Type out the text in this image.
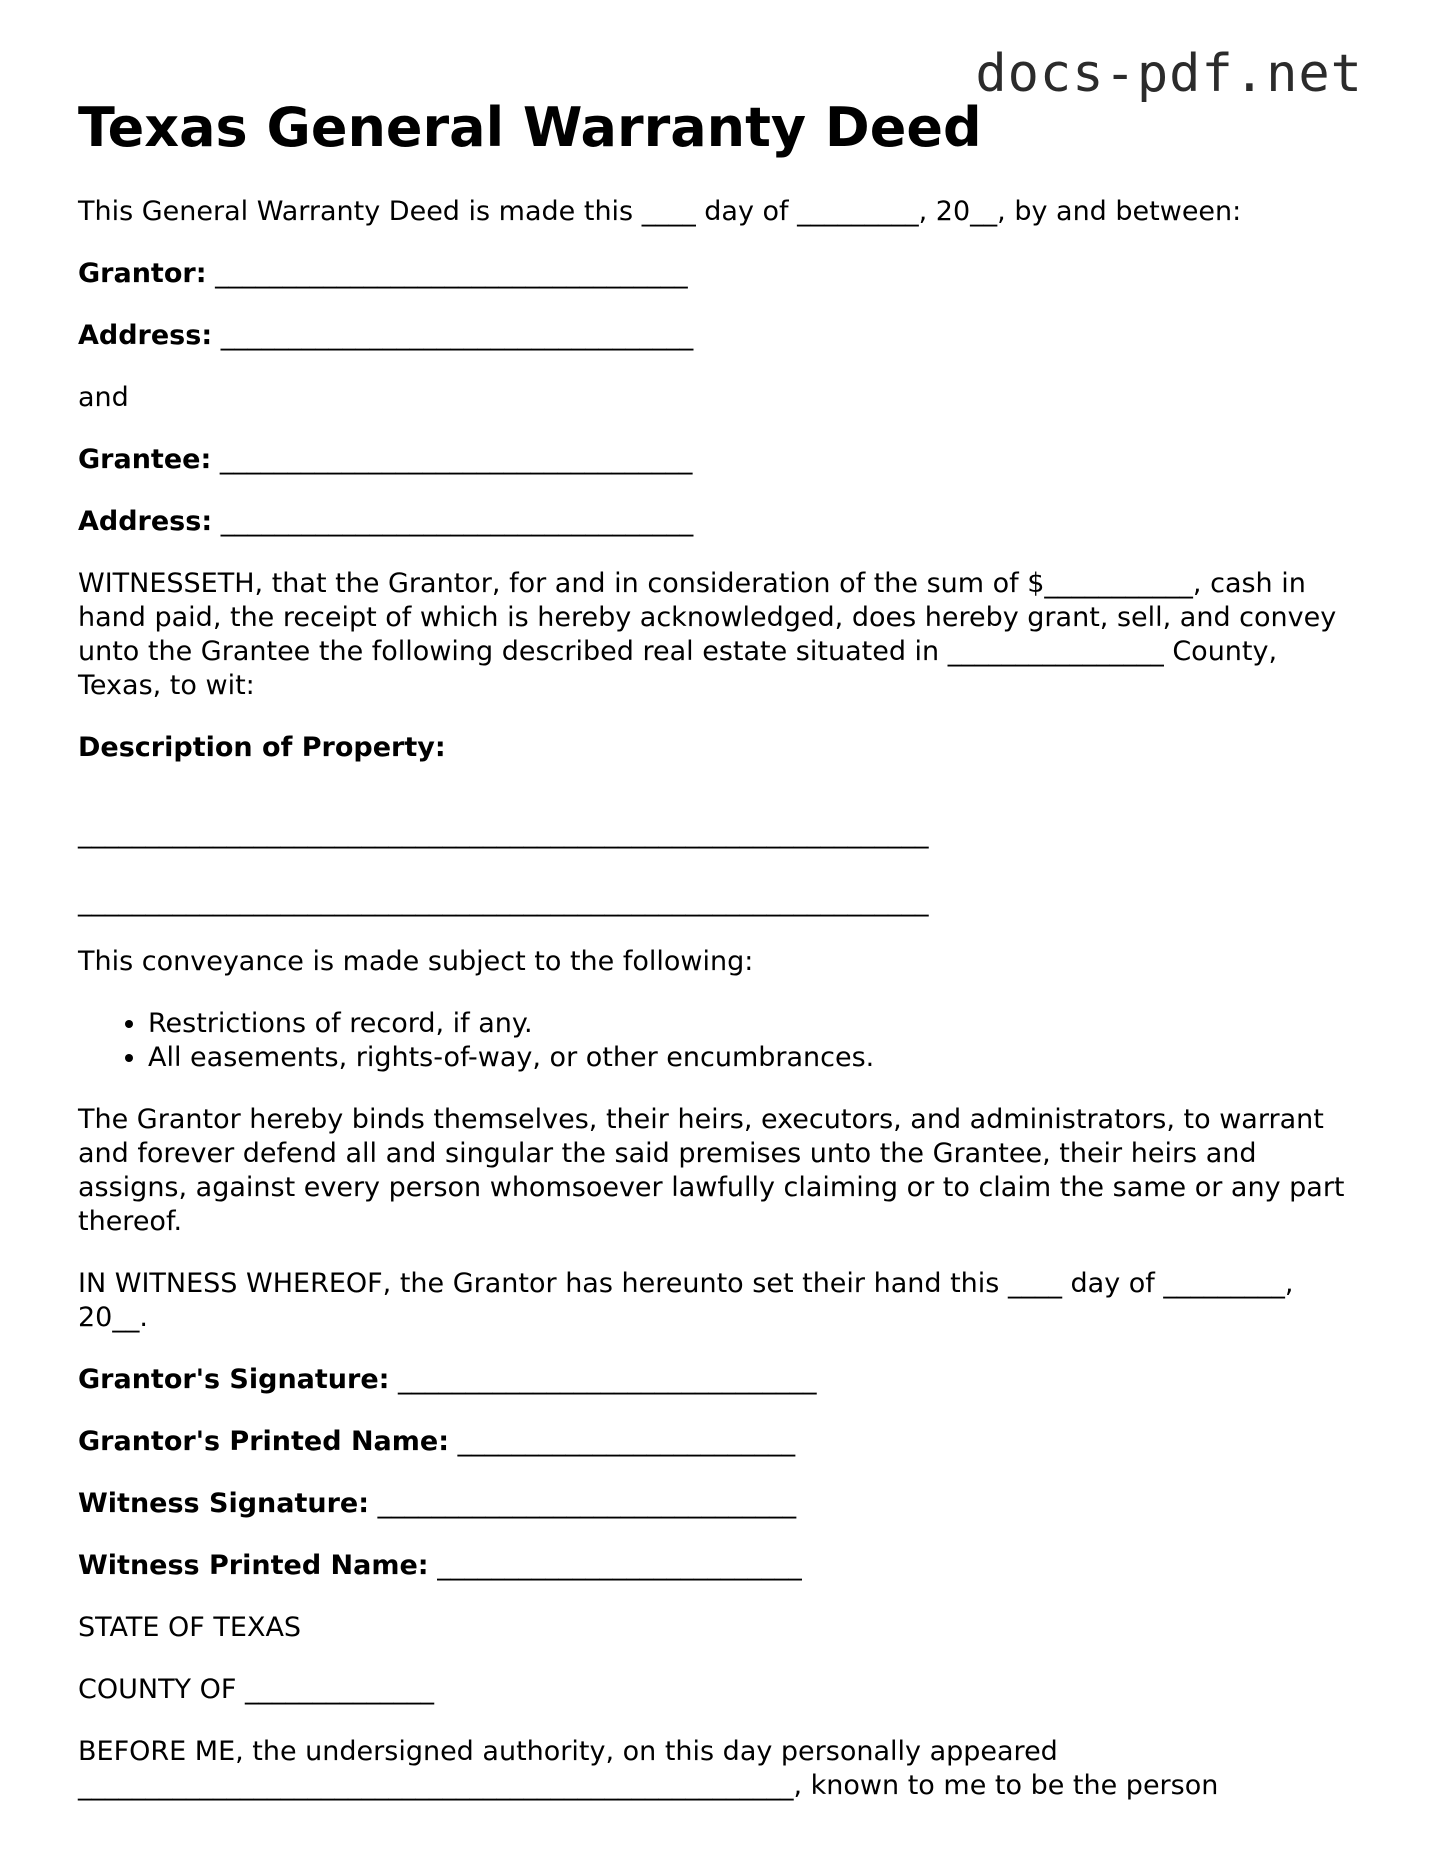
docs-pdf.net
Texas General Warranty Deed

This General Warranty Deed is made this ____ day of _________, 20__, by and between:

Grantor: ___________________________________

Address: ___________________________________

and

Grantee: ___________________________________

Address: ___________________________________

WITNESSETH, that the Grantor, for and in consideration of the sum of $___________, cash in hand paid, the receipt of which is hereby acknowledged, does hereby grant, sell, and convey unto the Grantee the following described real estate situated in ________________ County, Texas, to wit:

Description of Property:

_______________________________________________________________

_______________________________________________________________

This conveyance is made subject to the following:

• Restrictions of record, if any.
• All easements, rights-of-way, or other encumbrances.

The Grantor hereby binds themselves, their heirs, executors, and administrators, to warrant and forever defend all and singular the said premises unto the Grantee, their heirs and assigns, against every person whomsoever lawfully claiming or to claim the same or any part thereof.

IN WITNESS WHEREOF, the Grantor has hereunto set their hand this ____ day of _________, 20__.

Grantor's Signature: _______________________________

Grantor's Printed Name: _________________________

Witness Signature: _______________________________

Witness Printed Name: ___________________________

STATE OF TEXAS

COUNTY OF ______________

BEFORE ME, the undersigned authority, on this day personally appeared _____________________________________________________, known to me to be the person
